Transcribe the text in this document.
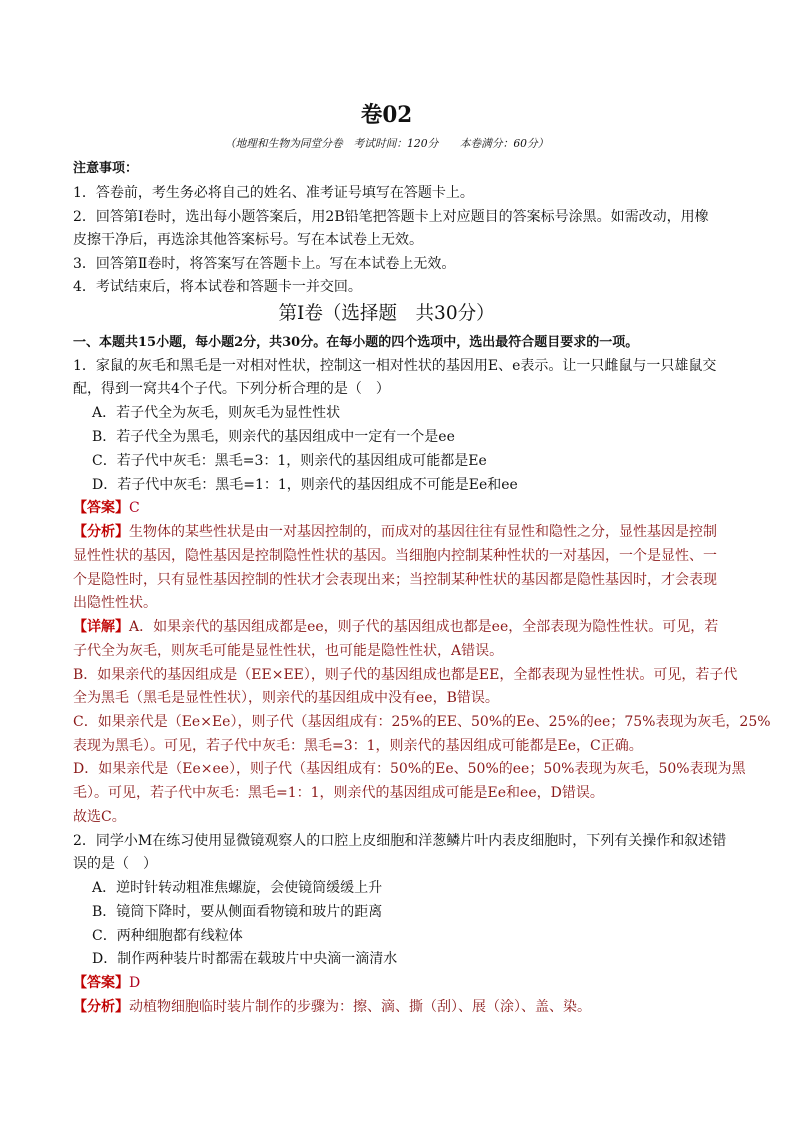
卷02
（地理和生物为同堂分卷　考试时间：120分　　本卷满分：60分）
注意事项：
1．答卷前，考生务必将自己的姓名、准考证号填写在答题卡上。
2．回答第Ⅰ卷时，选出每小题答案后，用2B铅笔把答题卡上对应题目的答案标号涂黑。如需改动，用橡
皮擦干净后，再选涂其他答案标号。写在本试卷上无效。
3．回答第Ⅱ卷时，将答案写在答题卡上。写在本试卷上无效。
4．考试结束后，将本试卷和答题卡一并交回。
第Ⅰ卷（选择题　共30分）
一、本题共15小题，每小题2分，共30分。在每小题的四个选项中，选出最符合题目要求的一项。
1．家鼠的灰毛和黑毛是一对相对性状，控制这一相对性状的基因用E、e表示。让一只雌鼠与一只雄鼠交
配，得到一窝共4个子代。下列分析合理的是（　）
A．若子代全为灰毛，则灰毛为显性性状
B．若子代全为黑毛，则亲代的基因组成中一定有一个是ee
C．若子代中灰毛：黑毛=3：1，则亲代的基因组成可能都是Ee
D．若子代中灰毛：黑毛=1：1，则亲代的基因组成不可能是Ee和ee
【答案】C
【分析】生物体的某些性状是由一对基因控制的，而成对的基因往往有显性和隐性之分，显性基因是控制
显性性状的基因，隐性基因是控制隐性性状的基因。当细胞内控制某种性状的一对基因，一个是显性、一
个是隐性时，只有显性基因控制的性状才会表现出来；当控制某种性状的基因都是隐性基因时，才会表现
出隐性性状。
【详解】A．如果亲代的基因组成都是ee，则子代的基因组成也都是ee，全部表现为隐性性状。可见，若
子代全为灰毛，则灰毛可能是显性性状，也可能是隐性性状，A错误。
B．如果亲代的基因组成是（EE×EE），则子代的基因组成也都是EE，全都表现为显性性状。可见，若子代
全为黑毛（黑毛是显性性状），则亲代的基因组成中没有ee，B错误。
C．如果亲代是（Ee×Ee），则子代（基因组成有：25%的EE、50%的Ee、25%的ee；75%表现为灰毛，25%
表现为黑毛）。可见，若子代中灰毛：黑毛=3：1，则亲代的基因组成可能都是Ee，C正确。
D．如果亲代是（Ee×ee），则子代（基因组成有：50%的Ee、50%的ee；50%表现为灰毛，50%表现为黑
毛）。可见，若子代中灰毛：黑毛=1：1，则亲代的基因组成可能是Ee和ee，D错误。
故选C。
2．同学小M在练习使用显微镜观察人的口腔上皮细胞和洋葱鳞片叶内表皮细胞时，下列有关操作和叙述错
误的是（　）
A．逆时针转动粗准焦螺旋，会使镜筒缓缓上升
B．镜筒下降时，要从侧面看物镜和玻片的距离
C．两种细胞都有线粒体
D．制作两种装片时都需在载玻片中央滴一滴清水
【答案】D
【分析】动植物细胞临时装片制作的步骤为：擦、滴、撕（刮）、展（涂）、盖、染。
